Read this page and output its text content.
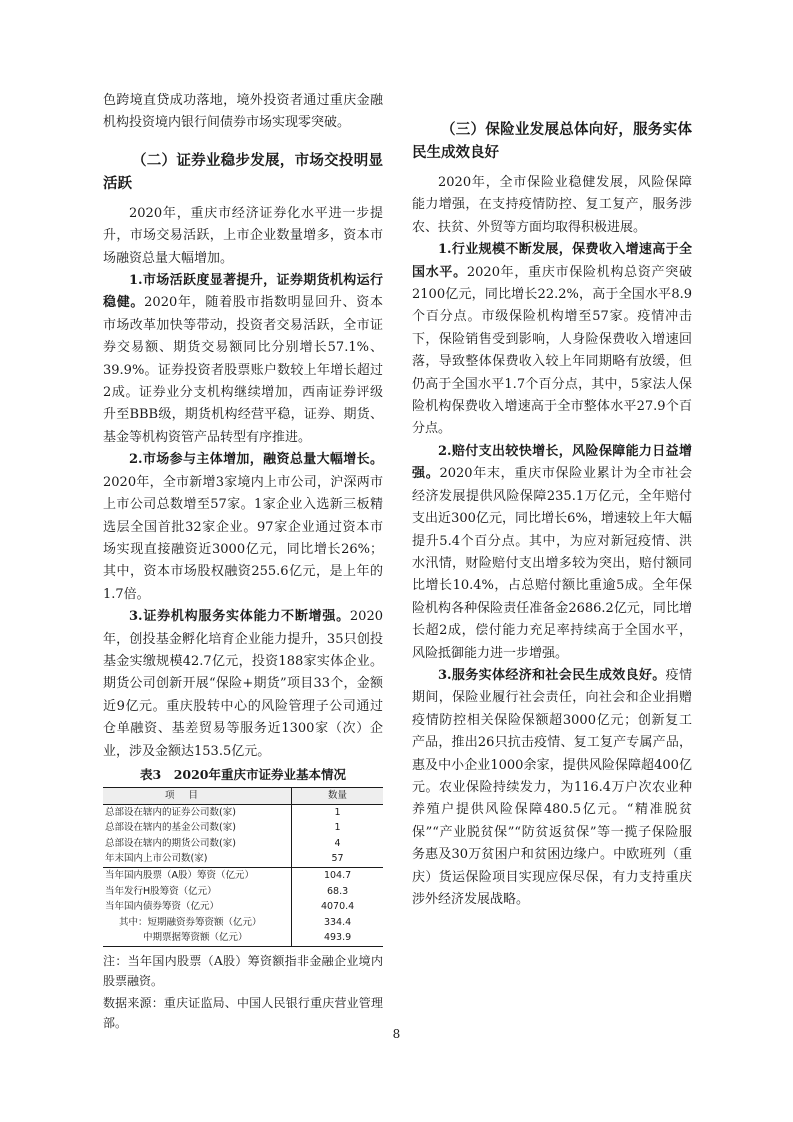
色跨境直贷成功落地，境外投资者通过重庆金融机构投资境内银行间债券市场实现零突破。

（二）证券业稳步发展，市场交投明显活跃

2020年，重庆市经济证券化水平进一步提升，市场交易活跃，上市企业数量增多，资本市场融资总量大幅增加。

1.市场活跃度显著提升，证券期货机构运行稳健。2020年，随着股市指数明显回升、资本市场改革加快等带动，投资者交易活跃，全市证券交易额、期货交易额同比分别增长57.1%、39.9%。证券投资者股票账户数较上年增长超过2成。证券业分支机构继续增加，西南证券评级升至BBB级，期货机构经营平稳，证券、期货、基金等机构资管产品转型有序推进。

2.市场参与主体增加，融资总量大幅增长。2020年，全市新增3家境内上市公司，沪深两市上市公司总数增至57家。1家企业入选新三板精选层全国首批32家企业。97家企业通过资本市场实现直接融资近3000亿元，同比增长26%；其中，资本市场股权融资255.6亿元，是上年的1.7倍。

3.证券机构服务实体能力不断增强。2020年，创投基金孵化培育企业能力提升，35只创投基金实缴规模42.7亿元，投资188家实体企业。期货公司创新开展“保险+期货”项目33个，金额近9亿元。重庆股转中心的风险管理子公司通过仓单融资、基差贸易等服务近1300家（次）企业，涉及金额达153.5亿元。

表3　2020年重庆市证券业基本情况

项目	数量
总部设在辖内的证券公司数(家)	1
总部设在辖内的基金公司数(家)	1
总部设在辖内的期货公司数(家)	4
年末国内上市公司数(家)	57
当年国内股票（A股）筹资（亿元）	104.7
当年发行H股筹资（亿元）	68.3
当年国内债券筹资（亿元）	4070.4
其中：短期融资券筹资额（亿元）	334.4
中期票据筹资额（亿元）	493.9

注：当年国内股票（A股）筹资额指非金融企业境内股票融资。

数据来源：重庆证监局、中国人民银行重庆营业管理部。

（三）保险业发展总体向好，服务实体民生成效良好

2020年，全市保险业稳健发展，风险保障能力增强，在支持疫情防控、复工复产，服务涉农、扶贫、外贸等方面均取得积极进展。

1.行业规模不断发展，保费收入增速高于全国水平。2020年，重庆市保险机构总资产突破2100亿元，同比增长22.2%，高于全国水平8.9个百分点。市级保险机构增至57家。疫情冲击下，保险销售受到影响，人身险保费收入增速回落，导致整体保费收入较上年同期略有放缓，但仍高于全国水平1.7个百分点，其中，5家法人保险机构保费收入增速高于全市整体水平27.9个百分点。

2.赔付支出较快增长，风险保障能力日益增强。2020年末，重庆市保险业累计为全市社会经济发展提供风险保障235.1万亿元，全年赔付支出近300亿元，同比增长6%，增速较上年大幅提升5.4个百分点。其中，为应对新冠疫情、洪水汛情，财险赔付支出增多较为突出，赔付额同比增长10.4%，占总赔付额比重逾5成。全年保险机构各种保险责任准备金2686.2亿元，同比增长超2成，偿付能力充足率持续高于全国水平，风险抵御能力进一步增强。

3.服务实体经济和社会民生成效良好。疫情期间，保险业履行社会责任，向社会和企业捐赠疫情防控相关保险保额超3000亿元；创新复工产品，推出26只抗击疫情、复工复产专属产品，惠及中小企业1000余家，提供风险保障超400亿元。农业保险持续发力，为116.4万户次农业种养殖户提供风险保障480.5亿元。“精准脱贫保”“产业脱贫保”“防贫返贫保”等一揽子保险服务惠及30万贫困户和贫困边缘户。中欧班列（重庆）货运保险项目实现应保尽保，有力支持重庆涉外经济发展战略。

8
